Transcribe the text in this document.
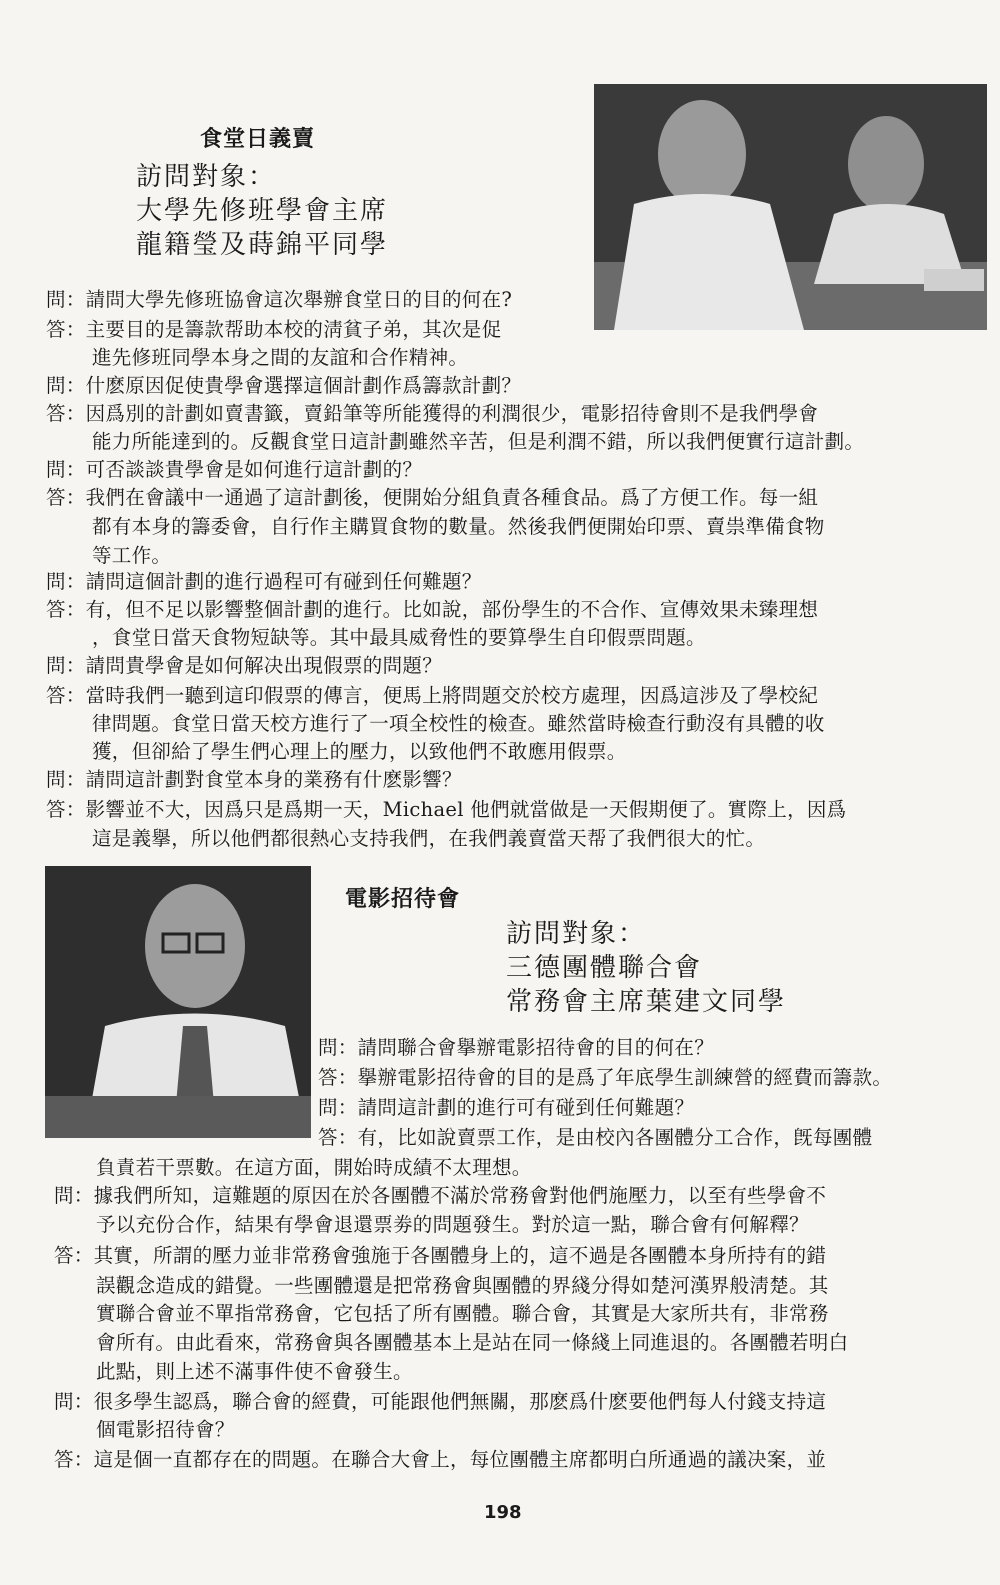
食堂日義賣
訪問對象：
大學先修班學會主席
龍籍瑩及蒔錦平同學
問：請問大學先修班協會這次舉辦食堂日的目的何在?
答：主要目的是籌款帮助本校的淸貧子弟，其次是促
進先修班同學本身之間的友誼和合作精神。
問：什麽原因促使貴學會選擇這個計劃作爲籌款計劃？
答：因爲別的計劃如賣書籤，賣鉛筆等所能獲得的利潤很少，電影招待會則不是我們學會
能力所能達到的。反觀食堂日這計劃雖然辛苦，但是利潤不錯，所以我們便實行這計劃。
問：可否談談貴學會是如何進行這計劃的？
答：我們在會議中一通過了這計劃後，便開始分組負責各種食品。爲了方便工作。每一組
都有本身的籌委會，自行作主購買食物的數量。然後我們便開始印票、賣祟準備食物
等工作。
問：請問這個計劃的進行過程可有碰到任何難題？
答：有，但不足以影響整個計劃的進行。比如說，部份學生的不合作、宣傳效果未臻理想
，食堂日當天食物短缺等。其中最具威脅性的要算學生自印假票問題。
問：請問貴學會是如何解决出現假票的問題？
答：當時我們一聽到這印假票的傳言，便馬上將問題交於校方處理，因爲這涉及了學校紀
律問題。食堂日當天校方進行了一項全校性的檢查。雖然當時檢查行動沒有具體的收
獲，但卻給了學生們心理上的壓力，以致他們不敢應用假票。
問：請問這計劃對食堂本身的業務有什麽影響？
答：影響並不大，因爲只是爲期一天，Michael 他們就當做是一天假期便了。實際上，因爲
這是義擧，所以他們都很熱心支持我們，在我們義賣當天帮了我們很大的忙。
電影招待會
訪問對象：
三德團體聯合會
常務會主席葉建文同學
問：請問聯合會擧辦電影招待會的目的何在？
答：擧辦電影招待會的目的是爲了年底學生訓練營的經費而籌款。
問：請問這計劃的進行可有碰到任何難題？
答：有，比如說賣票工作，是由校內各團體分工合作，旣每團體
負責若干票數。在這方面，開始時成績不太理想。
問：據我們所知，這難題的原因在於各團體不滿於常務會對他們施壓力，以至有些學會不
予以充份合作，結果有學會退還票劵的問題發生。對於這一點，聯合會有何解釋？
答：其實，所謂的壓力並非常務會強施于各團體身上的，這不過是各團體本身所持有的錯
誤觀念造成的錯覺。一些團體還是把常務會與團體的界綫分得如楚河漢界般淸楚。其
實聯合會並不單指常務會，它包括了所有團體。聯合會，其實是大家所共有，非常務
會所有。由此看來，常務會與各團體基本上是站在同一條綫上同進退的。各團體若明白
此點，則上述不滿事件使不會發生。
問：很多學生認爲，聯合會的經費，可能跟他們無關，那麽爲什麽要他們每人付錢支持這
個電影招待會？
答：這是個一直都存在的問題。在聯合大會上，每位團體主席都明白所通過的議决案，並
198
